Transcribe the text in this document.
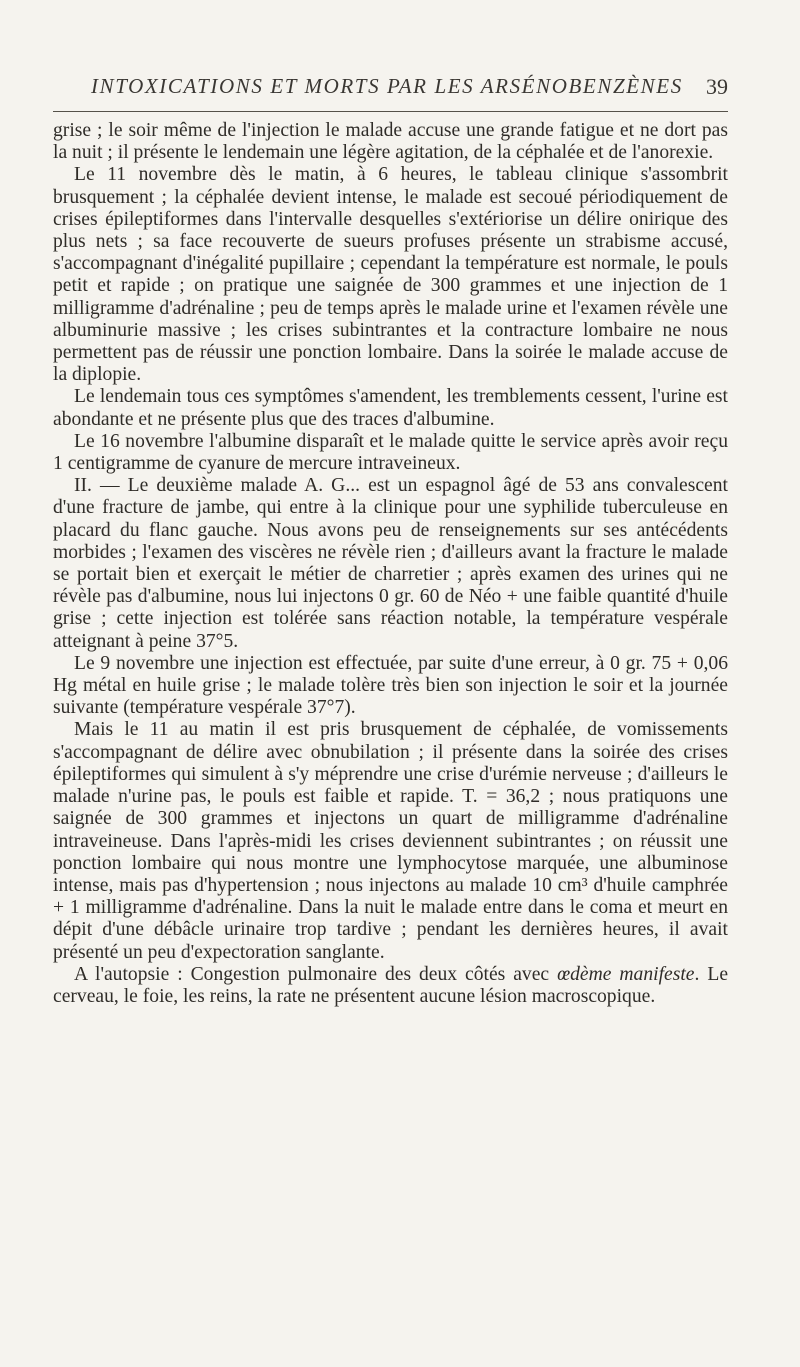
INTOXICATIONS ET MORTS PAR LES ARSÉNOBENZÈNES 39

grise ; le soir même de l'injection le malade accuse une grande fatigue et ne dort pas la nuit ; il présente le lendemain une légère agitation, de la céphalée et de l'anorexie.

Le 11 novembre dès le matin, à 6 heures, le tableau clinique s'assombrit brusquement ; la céphalée devient intense, le malade est secoué périodiquement de crises épileptiformes dans l'intervalle desquelles s'extériorise un délire onirique des plus nets ; sa face recouverte de sueurs profuses présente un strabisme accusé, s'accompagnant d'inégalité pupillaire ; cependant la température est normale, le pouls petit et rapide ; on pratique une saignée de 300 grammes et une injection de 1 milligramme d'adrénaline ; peu de temps après le malade urine et l'examen révèle une albuminurie massive ; les crises subintrantes et la contracture lombaire ne nous permettent pas de réussir une ponction lombaire. Dans la soirée le malade accuse de la diplopie.

Le lendemain tous ces symptômes s'amendent, les tremblements cessent, l'urine est abondante et ne présente plus que des traces d'albumine.

Le 16 novembre l'albumine disparaît et le malade quitte le service après avoir reçu 1 centigramme de cyanure de mercure intraveineux.

II. — Le deuxième malade A. G... est un espagnol âgé de 53 ans convalescent d'une fracture de jambe, qui entre à la clinique pour une syphilide tuberculeuse en placard du flanc gauche. Nous avons peu de renseignements sur ses antécédents morbides ; l'examen des viscères ne révèle rien ; d'ailleurs avant la fracture le malade se portait bien et exerçait le métier de charretier ; après examen des urines qui ne révèle pas d'albumine, nous lui injectons 0 gr. 60 de Néo + une faible quantité d'huile grise ; cette injection est tolérée sans réaction notable, la température vespérale atteignant à peine 37°5.

Le 9 novembre une injection est effectuée, par suite d'une erreur, à 0 gr. 75 + 0,06 Hg métal en huile grise ; le malade tolère très bien son injection le soir et la journée suivante (température vespérale 37°7).

Mais le 11 au matin il est pris brusquement de céphalée, de vomissements s'accompagnant de délire avec obnubilation ; il présente dans la soirée des crises épileptiformes qui simulent à s'y méprendre une crise d'urémie nerveuse ; d'ailleurs le malade n'urine pas, le pouls est faible et rapide. T. = 36,2 ; nous pratiquons une saignée de 300 grammes et injectons un quart de milligramme d'adrénaline intraveineuse. Dans l'après-midi les crises deviennent subintrantes ; on réussit une ponction lombaire qui nous montre une lymphocytose marquée, une albuminose intense, mais pas d'hypertension ; nous injectons au malade 10 cm³ d'huile camphrée + 1 milligramme d'adrénaline. Dans la nuit le malade entre dans le coma et meurt en dépit d'une débâcle urinaire trop tardive ; pendant les dernières heures, il avait présenté un peu d'expectoration sanglante.

A l'autopsie : Congestion pulmonaire des deux côtés avec œdème manifeste. Le cerveau, le foie, les reins, la rate ne présentent aucune lésion macroscopique.
